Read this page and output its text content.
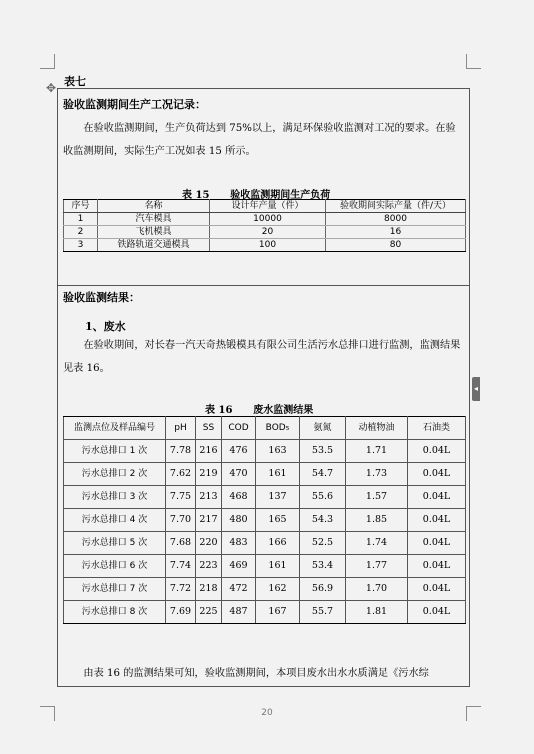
表七
✥
验收监测期间生产工况记录：
在验收监测期间，生产负荷达到 75%以上，满足环保验收监测对工况的要求。在验收监测期间，实际生产工况如表 15 所示。
表 15      验收监测期间生产负荷
序号	名称	设计年产量（件）	验收期间实际产量（件/天）
1	汽车模具	10000	8000
2	飞机模具	20	16
3	铁路轨道交通模具	100	80
验收监测结果：
1、废水
在验收期间，对长春一汽天奇热锻模具有限公司生活污水总排口进行监测，监测结果见表 16。
表 16      废水监测结果
监测点位及样品编号	pH	SS	COD	BOD₅	氨氮	动植物油	石油类
污水总排口 1 次	7.78	216	476	163	53.5	1.71	0.04L
污水总排口 2 次	7.62	219	470	161	54.7	1.73	0.04L
污水总排口 3 次	7.75	213	468	137	55.6	1.57	0.04L
污水总排口 4 次	7.70	217	480	165	54.3	1.85	0.04L
污水总排口 5 次	7.68	220	483	166	52.5	1.74	0.04L
污水总排口 6 次	7.74	223	469	161	53.4	1.77	0.04L
污水总排口 7 次	7.72	218	472	162	56.9	1.70	0.04L
污水总排口 8 次	7.69	225	487	167	55.7	1.81	0.04L
由表 16 的监测结果可知，验收监测期间，本项目废水出水水质满足《污水综
20
◂
